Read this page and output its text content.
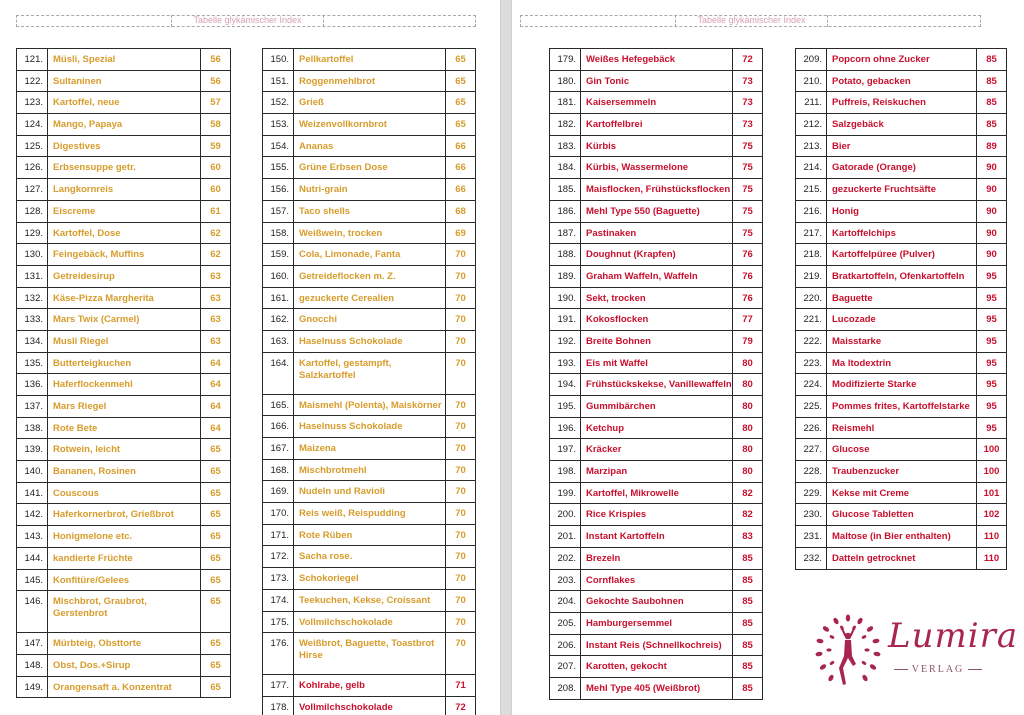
Tabelle glykämischer Index	Tabelle glykämischer Index
121.	Müsli, Spezial	56
122.	Sultaninen	56
123.	Kartoffel, neue	57
124.	Mango, Papaya	58
125.	Digestives	59
126.	Erbsensuppe getr.	60
127.	Langkornreis	60
128.	Eiscreme	61
129.	Kartoffel, Dose	62
130.	Feingebäck, Muffins	62
131.	Getreidesirup	63
132.	Käse-Pizza Margherita	63
133.	Mars Twix (Carmel)	63
134.	Musli Riegel	63
135.	Butterteigkuchen	64
136.	Haferflockenmehl	64
137.	Mars Riegel	64
138.	Rote Bete	64
139.	Rotwein, leicht	65
140.	Bananen, Rosinen	65
141.	Couscous	65
142.	Haferkornerbrot, Grießbrot	65
143.	Honigmelone etc.	65
144.	kandierte Früchte	65
145.	Konfitüre/Gelees	65
146.	Mischbrot, Graubrot, Gerstenbrot	65
147.	Mürbteig, Obsttorte	65
148.	Obst, Dos.+Sirup	65
149.	Orangensaft a. Konzentrat	65
150.	Pellkartoffel	65
151.	Roggenmehlbrot	65
152.	Grieß	65
153.	Weizenvollkornbrot	65
154.	Ananas	66
155.	Grüne Erbsen Dose	66
156.	Nutri-grain	66
157.	Taco shells	68
158.	Weißwein, trocken	69
159.	Cola, Limonade, Fanta	70
160.	Getreideflocken m. Z.	70
161.	gezuckerte Cerealien	70
162.	Gnocchi	70
163.	Haselnuss Schokolade	70
164.	Kartoffel, gestampft, Salzkartoffel	70
165.	Maismehl (Polenta), Maiskörner	70
166.	Haselnuss Schokolade	70
167.	Maizena	70
168.	Mischbrotmehl	70
169.	Nudeln und Ravioli	70
170.	Reis weiß, Reispudding	70
171.	Rote Rüben	70
172.	Sacha rose.	70
173.	Schokoriegel	70
174.	Teekuchen, Kekse, Croissant	70
175.	Vollmilchschokolade	70
176.	Weißbrot, Baguette, Toastbrot Hirse	70
177.	Kohlrabe, gelb	71
178.	Vollmilchschokolade	72
179.	Weißes Hefegebäck	72
180.	Gin Tonic	73
181.	Kaisersemmeln	73
182.	Kartoffelbrei	73
183.	Kürbis	75
184.	Kürbis, Wassermelone	75
185.	Maisflocken, Frühstücksflocken	75
186.	Mehl Type 550 (Baguette)	75
187.	Pastinaken	75
188.	Doughnut (Krapfen)	76
189.	Graham Waffeln, Waffeln	76
190.	Sekt, trocken	76
191.	Kokosflocken	77
192.	Breite Bohnen	79
193.	Eis mit Waffel	80
194.	Frühstückskekse, Vanillewaffeln	80
195.	Gummibärchen	80
196.	Ketchup	80
197.	Kräcker	80
198.	Marzipan	80
199.	Kartoffel, Mikrowelle	82
200.	Rice Krispies	82
201.	Instant Kartoffeln	83
202.	Brezeln	85
203.	Cornflakes	85
204.	Gekochte Saubohnen	85
205.	Hamburgersemmel	85
206.	Instant Reis (Schnellkochreis)	85
207.	Karotten, gekocht	85
208.	Mehl Type 405 (Weißbrot)	85
209.	Popcorn ohne Zucker	85
210.	Potato, gebacken	85
211.	Puffreis, Reiskuchen	85
212.	Salzgebäck	85
213.	Bier	89
214.	Gatorade (Orange)	90
215.	gezuckerte Fruchtsäfte	90
216.	Honig	90
217.	Kartoffelchips	90
218.	Kartoffelpüree (Pulver)	90
219.	Bratkartoffeln, Ofenkartoffeln	95
220.	Baguette	95
221.	Lucozade	95
222.	Maisstarke	95
223.	Ma ltodextrin	95
224.	Modifizierte Starke	95
225.	Pommes frites, Kartoffelstarke	95
226.	Reismehl	95
227.	Glucose	100
228.	Traubenzucker	100
229.	Kekse mit Creme	101
230.	Glucose Tabletten	102
231.	Maltose (in Bier enthalten)	110
232.	Datteln getrocknet	110
Lumira
VERLAG
